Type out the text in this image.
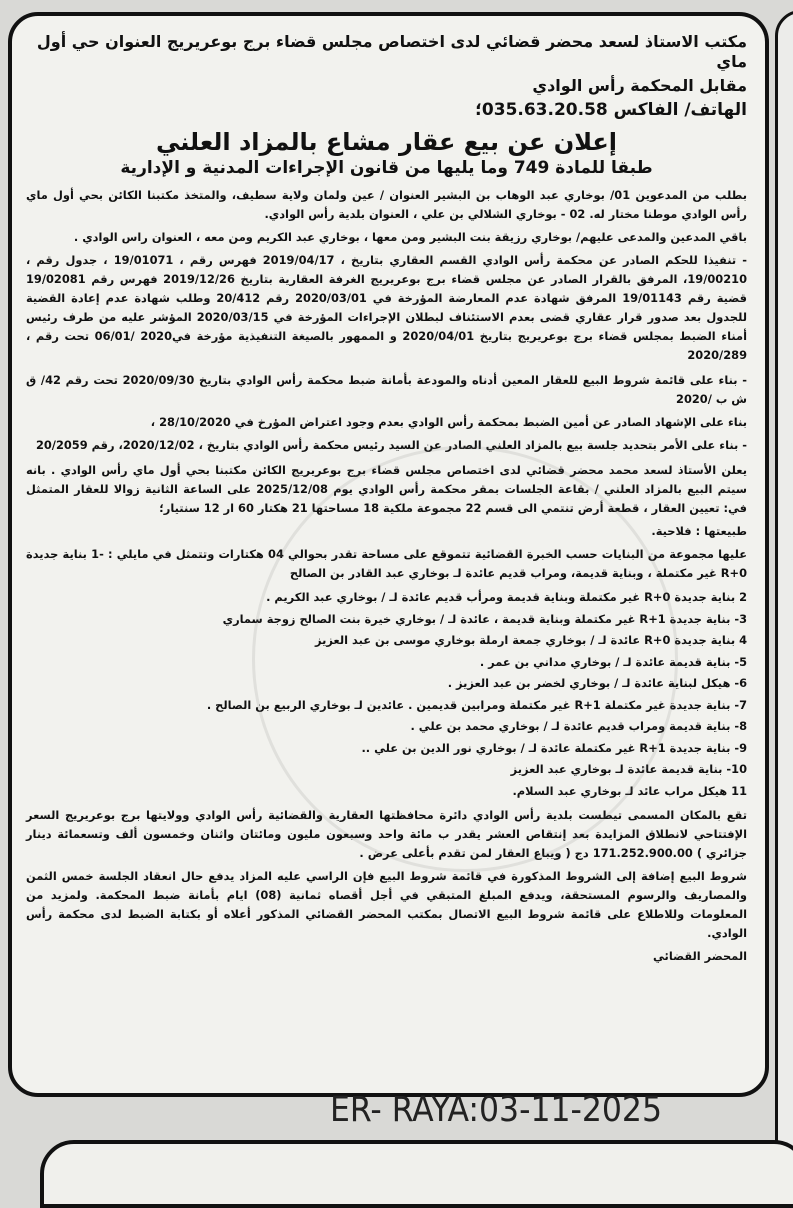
مكتب الاستاذ لسعد محضر قضائي لدى اختصاص مجلس قضاء برج بوعريريج العنوان حي أول ماي
مقابل المحكمة رأس الوادي
الهاتف/ الفاكس 035.63.20.58؛
إعلان عن بيع عقار مشاع بالمزاد العلني
طبقا للمادة 749 وما يليها من قانون الإجراءات المدنية و الإدارية

بطلب من المدعوين 01/ بوخاري عبد الوهاب بن البشير العنوان / عين ولمان ولاية سطيف، والمتخذ مكتبنا الكائن بحي أول ماي رأس الوادي موطنا مختار له. 02 - بوخاري الشلالي بن علي ، العنوان بلدية رأس الوادي.

باقي المدعين والمدعى عليهم/ بوخاري رزيقة بنت البشير ومن معها ، بوخاري عبد الكريم ومن معه ، العنوان راس الوادي .

- تنفيذا للحكم الصادر عن محكمة رأس الوادي القسم العقاري بتاريخ ، 2019/04/17 فهرس رقم ، 19/01071 ، جدول رقم ، 19/00210، المرفق بالقرار الصادر عن مجلس قضاء برج بوعريريج الغرفة العقارية بتاريخ 2019/12/26 فهرس رقم 19/02081 قضية رقم 19/01143 المرفق شهادة عدم المعارضة المؤرخة في 2020/03/01 رقم 20/412 وطلب شهادة عدم إعادة القضية للجدول بعد صدور قرار عقاري قضى بعدم الاستئناف لبطلان الإجراءات المؤرخة في 2020/03/15 المؤشر عليه من طرف رئيس أمناء الضبط بمجلس قضاء برج بوعريريج بتاريخ 2020/04/01 و الممهور بالصيغة التنفيذية مؤرخة في2020 /06/01 تحت رقم ، 2020/289

- بناء على قائمة شروط البيع للعقار المعين أدناه والمودعة بأمانة ضبط محكمة رأس الوادي بتاريخ 2020/09/30 تحت رقم 42/ ق ش ب /2020

بناء على الإشهاد الصادر عن أمين الضبط بمحكمة رأس الوادي بعدم وجود اعتراض المؤرخ في 28/10/2020 ،

- بناء على الأمر بتحديد جلسة بيع بالمزاد العلني الصادر عن السيد رئيس محكمة رأس الوادي بتاريخ ، 2020/12/02، رقم 20/2059

يعلن الأستاذ لسعد محمد محضر قضائي لدى اختصاص مجلس قضاء برج بوعريريج الكائن مكتبنا بحي أول ماي رأس الوادي . بانه سيتم البيع بالمزاد العلني / بقاعة الجلسات بمقر محكمة رأس الوادي يوم 2025/12/08 على الساعة الثانية زوالا للعقار المتمثل في: تعيين العقار ، قطعة أرض تنتمي الى قسم 22 مجموعة ملكية 18 مساحتها 21 هكتار 60 ار 12 سنتيار؛

طبيعتها : فلاحية.

عليها مجموعة من البنايات حسب الخبرة القضائية تتموقع على مساحة تقدر بحوالي 04 هكتارات وتتمثل في مايلي : -1 بناية جديدة R+0 غير مكتملة ، وبناية قديمة، ومراب قديم عائدة لـ بوخاري عبد القادر بن الصالح

2 بناية جديدة R+0 غير مكتملة وبناية قديمة ومرأب قديم عائدة لـ / بوخاري عبد الكريم .

3- بناية جديدة R+1 غير مكتملة وبناية قديمة ، عائدة لـ / بوخاري خيرة بنت الصالح زوجة سماري

4 بناية جديدة R+0 عائدة لـ / بوخاري جمعة ارملة بوخاري موسى بن عبد العزيز

5- بناية قديمة عائدة لـ / بوخاري مداني بن عمر .

6- هيكل لبناية عائدة لـ / بوخاري لخضر بن عبد العزيز .

7- بناية جديدة غير مكتملة R+1 غير مكتملة ومرابين قديمين . عائدين لـ بوخاري الربيع بن الصالح .

8- بناية قديمة ومراب قديم عائدة لـ / بوخاري محمد بن علي .

9- بناية جديدة R+1 غير مكتملة عائدة لـ / بوخاري نور الدين بن علي ..

10- بناية قديمة عائدة لـ بوخاري عبد العزيز

11 هيكل مراب عائد لـ بوخاري عبد السلام.

تقع بالمكان المسمى تيطست بلدية رأس الوادي دائرة محافظتها العقارية والقضائية رأس الوادي وولايتها برج بوعريريج السعر الإفتتاحي لانطلاق المزايدة بعد إنتقاص العشر يقدر ب مائة واحد وسبعون مليون ومائتان واثنان وخمسون ألف وتسعمائة دينار جزائري ) 171.252.900.00 دج ( ويباع العقار لمن تقدم بأعلى عرض .

شروط البيع إضافة إلى الشروط المذكورة في قائمة شروط البيع فإن الراسي عليه المزاد يدفع حال انعقاد الجلسة خمس الثمن والمصاريف والرسوم المستحقة، ويدفع المبلغ المتبقي في أجل أقصاه ثمانية (08) ايام بأمانة ضبط المحكمة. ولمزيد من المعلومات وللاطلاع على قائمة شروط البيع الاتصال بمكتب المحضر القضائي المذكور أعلاه أو بكتابة الضبط لدى محكمة رأس الوادي.

المحضر القضائي
ER- RAYA:03-11-2025
